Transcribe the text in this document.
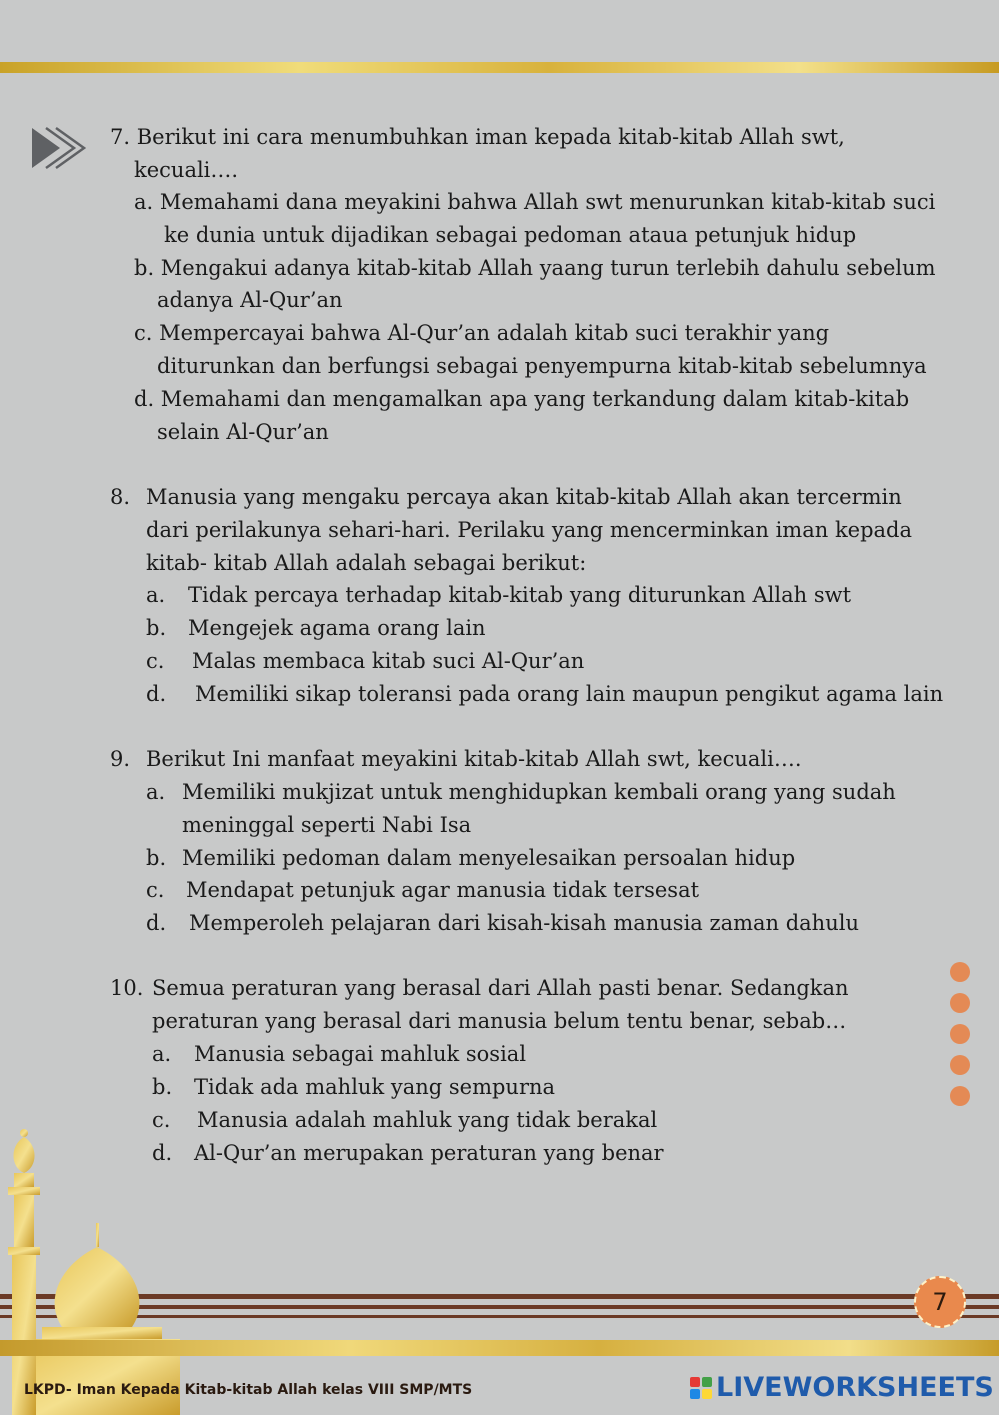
7. Berikut ini cara menumbuhkan iman kepada kitab-kitab Allah swt,
kecuali….
a. Memahami dana meyakini bahwa Allah swt menurunkan kitab-kitab suci
ke dunia untuk dijadikan sebagai pedoman ataua petunjuk hidup
b. Mengakui adanya kitab-kitab Allah yaang turun terlebih dahulu sebelum
adanya Al-Qur’an
c. Mempercayai bahwa Al-Qur’an adalah kitab suci terakhir yang
diturunkan dan berfungsi sebagai penyempurna kitab-kitab sebelumnya
d. Memahami dan mengamalkan apa yang terkandung dalam kitab-kitab
selain Al-Qur’an
8. Manusia yang mengaku percaya akan kitab-kitab Allah akan tercermin
dari perilakunya sehari-hari. Perilaku yang mencerminkan iman kepada
kitab- kitab Allah adalah sebagai berikut:
a. Tidak percaya terhadap kitab-kitab yang diturunkan Allah swt
b. Mengejek agama orang lain
c. Malas membaca kitab suci Al-Qur’an
d. Memiliki sikap toleransi pada orang lain maupun pengikut agama lain
9. Berikut Ini manfaat meyakini kitab-kitab Allah swt, kecuali….
a. Memiliki mukjizat untuk menghidupkan kembali orang yang sudah
meninggal seperti Nabi Isa
b. Memiliki pedoman dalam menyelesaikan persoalan hidup
c. Mendapat petunjuk agar manusia tidak tersesat
d. Memperoleh pelajaran dari kisah-kisah manusia zaman dahulu
10. Semua peraturan yang berasal dari Allah pasti benar. Sedangkan
peraturan yang berasal dari manusia belum tentu benar, sebab…
a. Manusia sebagai mahluk sosial
b. Tidak ada mahluk yang sempurna
c. Manusia adalah mahluk yang tidak berakal
d. Al-Qur’an merupakan peraturan yang benar
7
LKPD- Iman Kepada Kitab-kitab Allah kelas VIII SMP/MTS	LIVEWORKSHEETS
